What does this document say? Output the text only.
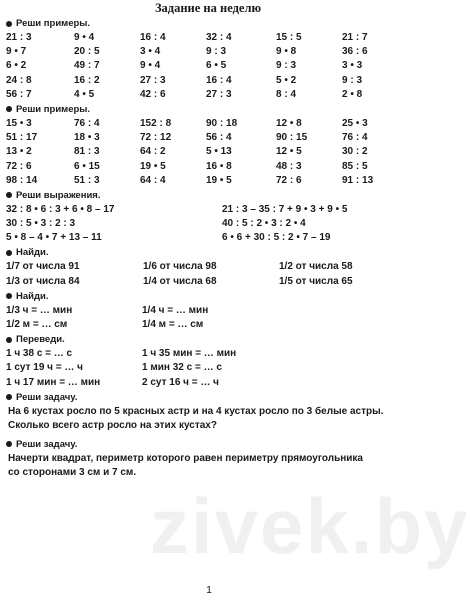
Задание на неделю
Реши примеры.
21 : 3	9 • 4	16 : 4	32 : 4	15 : 5	21 : 7
9 • 7	20 : 5	3 • 4	9 : 3	9 • 8	36 : 6
6 • 2	49 : 7	9 • 4	6 • 5	9 : 3	3 • 3
24 : 8	16 : 2	27 : 3	16 : 4	5 • 2	9 : 3
56 : 7	4 • 5	42 : 6	27 : 3	8 : 4	2 • 8
Реши примеры.
15 • 3	76 : 4	152 : 8	90 : 18	12 • 8	25 • 3
51 : 17	18 • 3	72 : 12	56 : 4	90 : 15	76 : 4
13 • 2	81 : 3	64 : 2	5 • 13	12 • 5	30 : 2
72 : 6	6 • 15	19 • 5	16 • 8	48 : 3	85 : 5
98 : 14	51 : 3	64 : 4	19 • 5	72 : 6	91 : 13
Реши выражения.
32 : 8 • 6 : 3 + 6 • 8 – 17	21 : 3 – 35 : 7 + 9 • 3 + 9 • 5
30 : 5 • 3 : 2 : 3	40 : 5 : 2 • 3 : 2 • 4
5 • 8 – 4 • 7 + 13 – 11	6 • 6 + 30 : 5 : 2 • 7 – 19
Найди.
1/7 от числа 91	1/6 от числа 98	1/2 от числа 58
1/3 от числа 84	1/4 от числа 68	1/5 от числа 65
Найди.
1/3 ч = … мин	1/4 ч = … мин
1/2 м = … см	1/4 м = … см
Переведи.
1 ч 38 с = … с	1 ч 35 мин = … мин
1 сут 19 ч = … ч	1 мин 32 с = … с
1 ч 17 мин = … мин	2 сут 16 ч = … ч
Реши задачу.
На 6 кустах росло по 5 красных астр и на 4 кустах росло по 3 белые астры.
Сколько всего астр росло на этих кустах?
Реши задачу.
Начерти квадрат, периметр которого равен периметру прямоугольника
со сторонами 3 см и 7 см.
zivek.by
1
